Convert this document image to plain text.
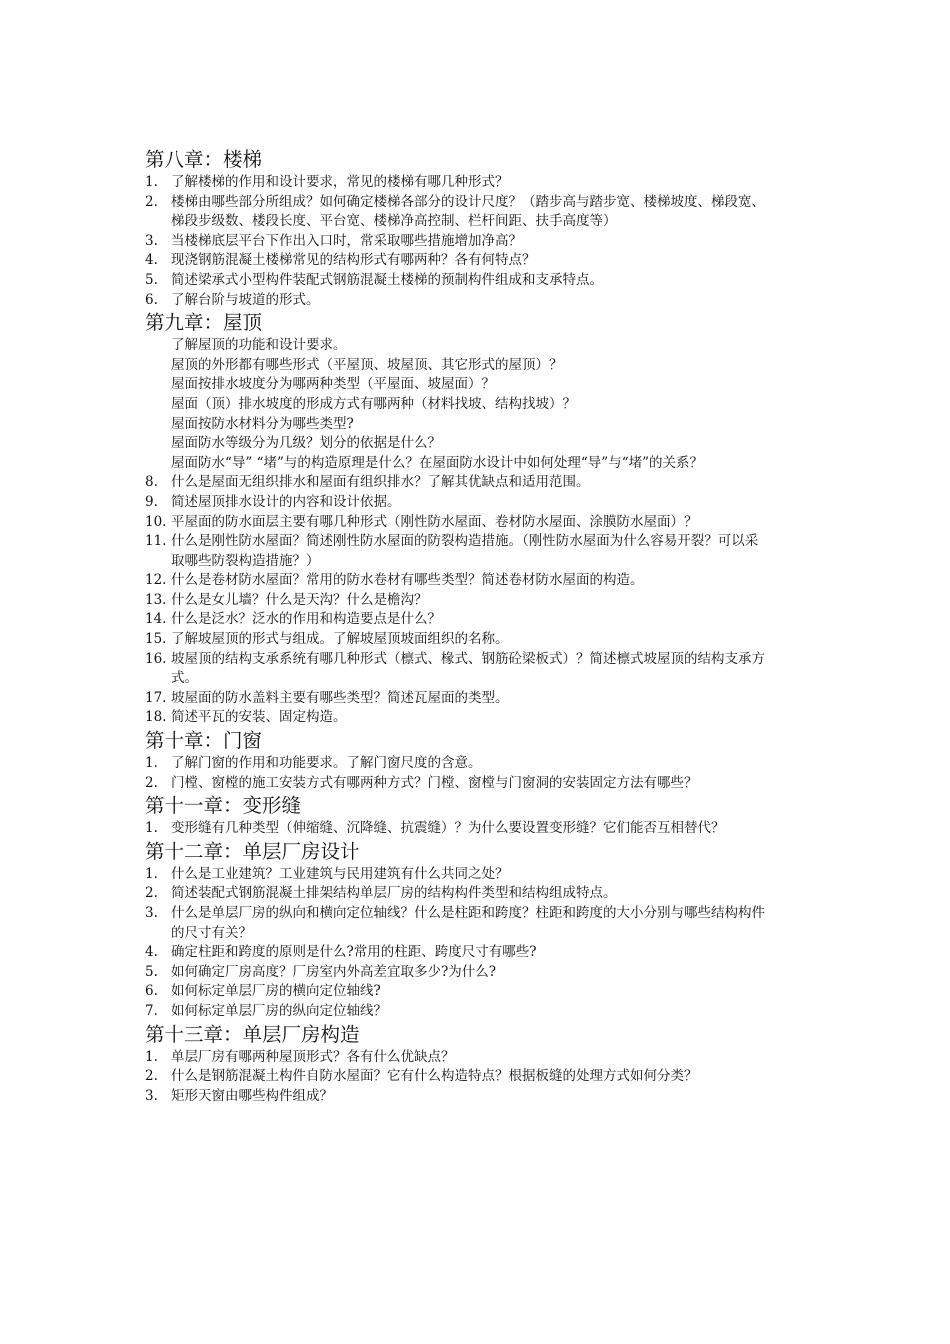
第八章：楼梯
1. 了解楼梯的作用和设计要求，常见的楼梯有哪几种形式？
2. 楼梯由哪些部分所组成？如何确定楼梯各部分的设计尺度？（踏步高与踏步宽、楼梯坡度、梯段宽、梯段步级数、楼段长度、平台宽、楼梯净高控制、栏杆间距、扶手高度等）
3. 当楼梯底层平台下作出入口时，常采取哪些措施增加净高？
4. 现浇钢筋混凝土楼梯常见的结构形式有哪两种？各有何特点？
5. 简述梁承式小型构件装配式钢筋混凝土楼梯的预制构件组成和支承特点。
6. 了解台阶与坡道的形式。
第九章：屋顶
了解屋顶的功能和设计要求。
屋顶的外形都有哪些形式（平屋顶、坡屋顶、其它形式的屋顶）？
屋面按排水坡度分为哪两种类型（平屋面、坡屋面）？
屋面（顶）排水坡度的形成方式有哪两种（材料找坡、结构找坡）？
屋面按防水材料分为哪些类型?
屋面防水等级分为几级？划分的依据是什么？
屋面防水“导” “堵”与的构造原理是什么？在屋面防水设计中如何处理“导”与“堵”的关系？
8. 什么是屋面无组织排水和屋面有组织排水？了解其优缺点和适用范围。
9. 简述屋顶排水设计的内容和设计依据。
10. 平屋面的防水面层主要有哪几种形式（刚性防水屋面、卷材防水屋面、涂膜防水屋面）？
11. 什么是刚性防水屋面？简述刚性防水屋面的防裂构造措施。（刚性防水屋面为什么容易开裂？可以采取哪些防裂构造措施？）
12. 什么是卷材防水屋面？常用的防水卷材有哪些类型？简述卷材防水屋面的构造。
13. 什么是女儿墙？什么是天沟？什么是檐沟？
14. 什么是泛水？泛水的作用和构造要点是什么？
15. 了解坡屋顶的形式与组成。了解坡屋顶坡面组织的名称。
16. 坡屋顶的结构支承系统有哪几种形式（檩式、椽式、钢筋砼梁板式）？简述檩式坡屋顶的结构支承方式。
17. 坡屋面的防水盖料主要有哪些类型？简述瓦屋面的类型。
18. 简述平瓦的安装、固定构造。
第十章：门窗
1. 了解门窗的作用和功能要求。了解门窗尺度的含意。
2. 门樘、窗樘的施工安装方式有哪两种方式？门樘、窗樘与门窗洞的安装固定方法有哪些？
第十一章：变形缝
1. 变形缝有几种类型（伸缩缝、沉降缝、抗震缝）？为什么要设置变形缝？它们能否互相替代？
第十二章：单层厂房设计
1. 什么是工业建筑？工业建筑与民用建筑有什么共同之处？
2. 简述装配式钢筋混凝土排架结构单层厂房的结构构件类型和结构组成特点。
3. 什么是单层厂房的纵向和横向定位轴线？什么是柱距和跨度？柱距和跨度的大小分别与哪些结构构件的尺寸有关？
4. 确定柱距和跨度的原则是什么?常用的柱距、跨度尺寸有哪些?
5. 如何确定厂房高度？厂房室内外高差宜取多少?为什么?
6. 如何标定单层厂房的横向定位轴线?
7. 如何标定单层厂房的纵向定位轴线？
第十三章：单层厂房构造
1. 单层厂房有哪两种屋顶形式？各有什么优缺点？
2. 什么是钢筋混凝土构件自防水屋面？它有什么构造特点？根据板缝的处理方式如何分类？
3. 矩形天窗由哪些构件组成？
